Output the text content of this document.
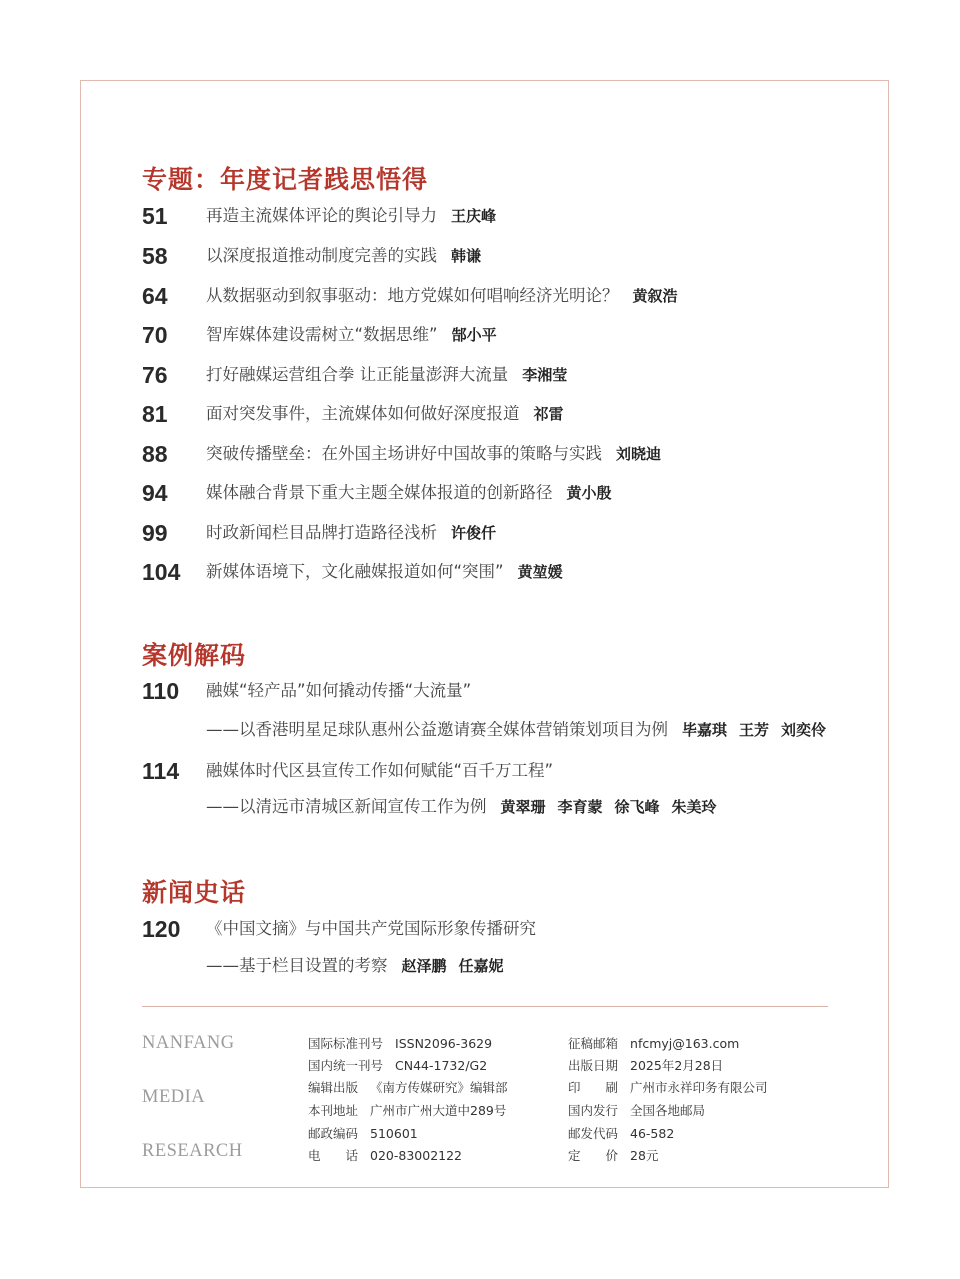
专题：年度记者践思悟得
51 再造主流媒体评论的舆论引导力 王庆峰
58 以深度报道推动制度完善的实践 韩谦
64 从数据驱动到叙事驱动：地方党媒如何唱响经济光明论？ 黄叙浩
70 智库媒体建设需树立“数据思维” 郜小平
76 打好融媒运营组合拳 让正能量澎湃大流量 李湘莹
81 面对突发事件，主流媒体如何做好深度报道 祁雷
88 突破传播壁垒：在外国主场讲好中国故事的策略与实践 刘晓迪
94 媒体融合背景下重大主题全媒体报道的创新路径 黄小殷
99 时政新闻栏目品牌打造路径浅析 许俊仟
104 新媒体语境下，文化融媒报道如何“突围” 黄堃媛
案例解码
110 融媒“轻产品”如何撬动传播“大流量”
——以香港明星足球队惠州公益邀请赛全媒体营销策划项目为例 毕嘉琪 王芳 刘奕伶
114 融媒体时代区县宣传工作如何赋能“百千万工程”
——以清远市清城区新闻宣传工作为例 黄翠珊 李育蒙 徐飞峰 朱美玲
新闻史话
120 《中国文摘》与中国共产党国际形象传播研究
——基于栏目设置的考察 赵泽鹏 任嘉妮
NANFANG
MEDIA
RESEARCH
国际标准刊号 ISSN2096-3629
国内统一刊号 CN44-1732/G2
编辑出版 《南方传媒研究》编辑部
本刊地址 广州市广州大道中289号
邮政编码 510601
电　　话 020-83002122
征稿邮箱 nfcmyj@163.com
出版日期 2025年2月28日
印　　刷 广州市永祥印务有限公司
国内发行 全国各地邮局
邮发代码 46-582
定　　价 28元
